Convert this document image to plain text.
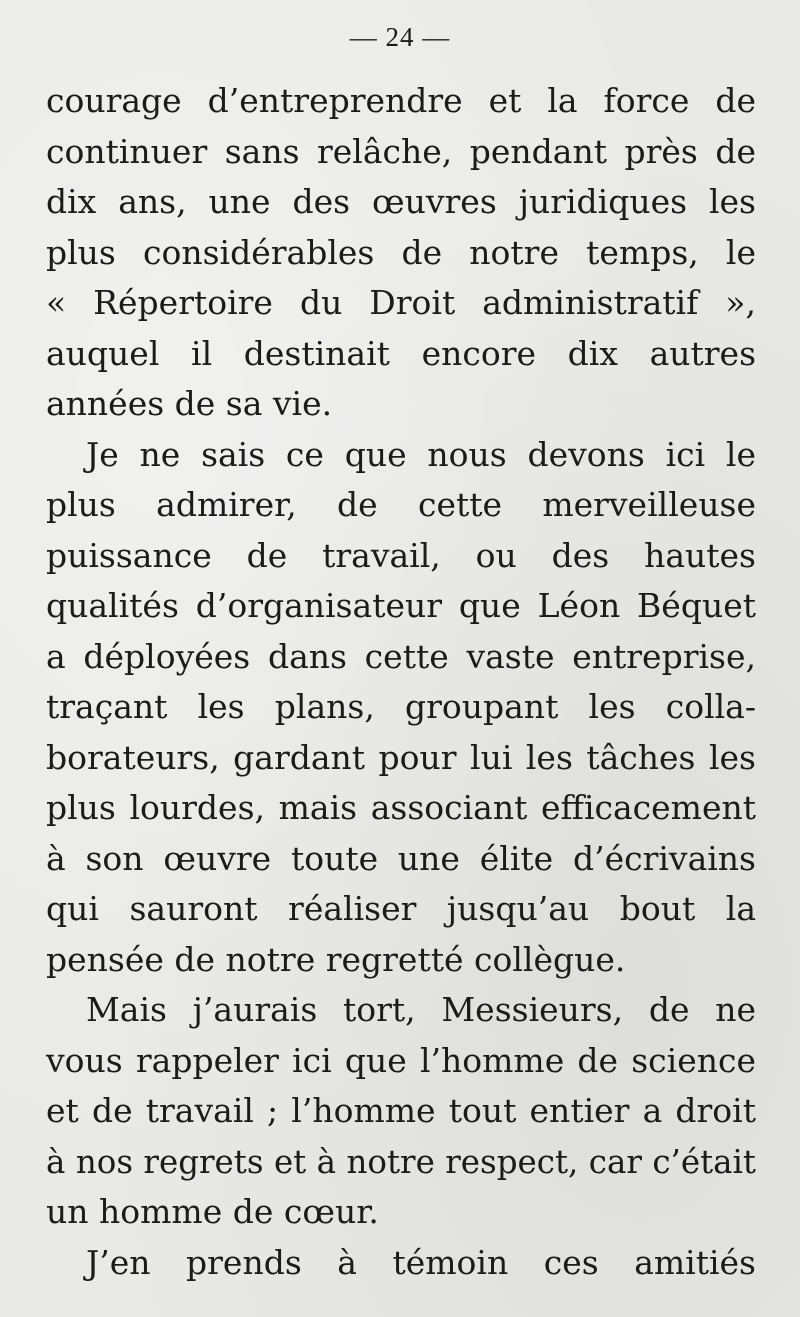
— 24 —
courage d’entreprendre et la force de
continuer sans relâche, pendant près de
dix ans, une des œuvres juridiques les
plus considérables de notre temps, le
« Répertoire du Droit administratif »,
auquel il destinait encore dix autres
années de sa vie.
Je ne sais ce que nous devons ici le
plus admirer, de cette merveilleuse
puissance de travail, ou des hautes
qualités d’organisateur que Léon Béquet
a déployées dans cette vaste entreprise,
traçant les plans, groupant les colla-
borateurs, gardant pour lui les tâches les
plus lourdes, mais associant efficacement
à son œuvre toute une élite d’écrivains
qui sauront réaliser jusqu’au bout la
pensée de notre regretté collègue.
Mais j’aurais tort, Messieurs, de ne
vous rappeler ici que l’homme de science
et de travail ; l’homme tout entier a droit
à nos regrets et à notre respect, car c’était
un homme de cœur.
J’en prends à témoin ces amitiés
